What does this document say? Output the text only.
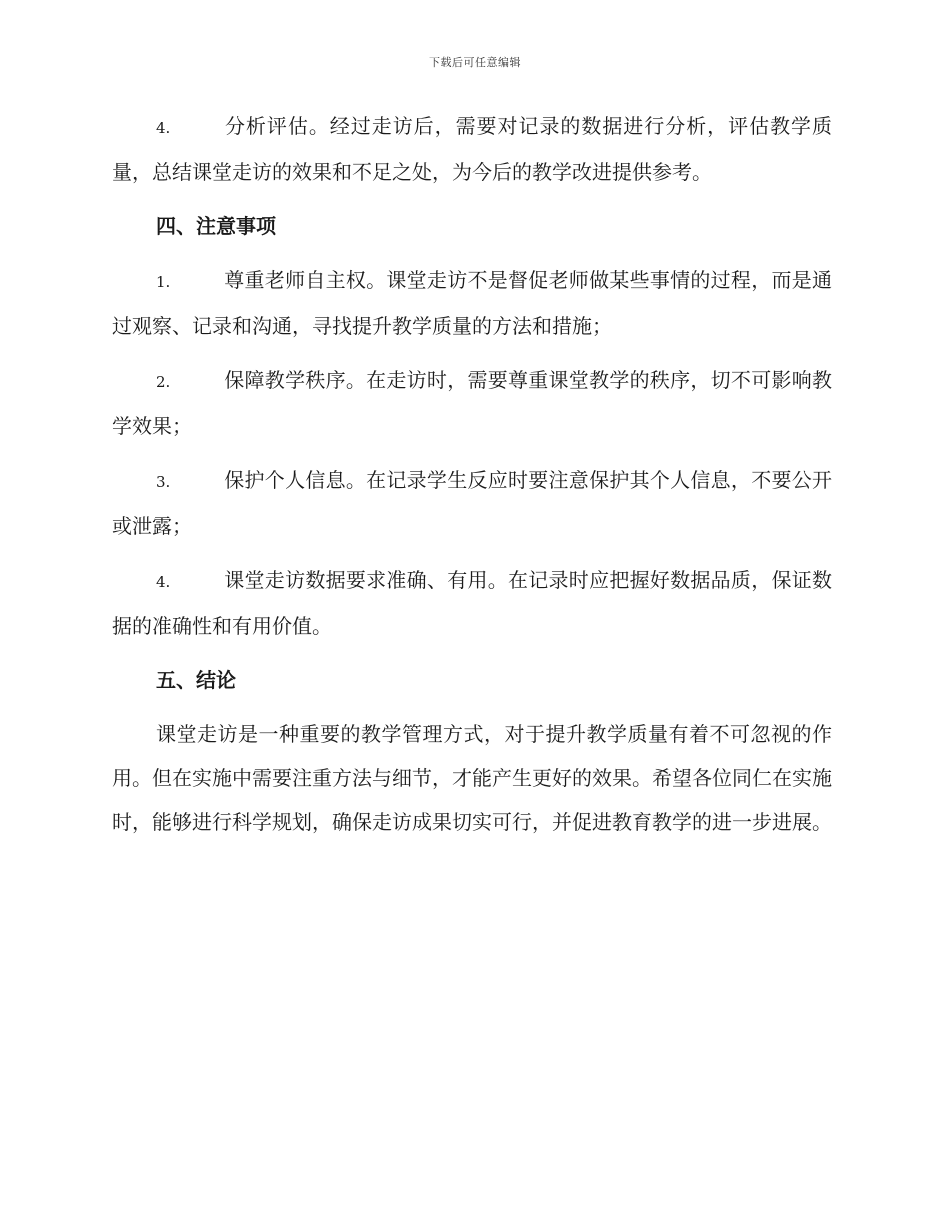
下载后可任意编辑

4.	分析评估。经过走访后，需要对记录的数据进行分析，评估教学质量，总结课堂走访的效果和不足之处，为今后的教学改进提供参考。

四、注意事项

1.	尊重老师自主权。课堂走访不是督促老师做某些事情的过程，而是通过观察、记录和沟通，寻找提升教学质量的方法和措施；

2.	保障教学秩序。在走访时，需要尊重课堂教学的秩序，切不可影响教学效果；

3.	保护个人信息。在记录学生反应时要注意保护其个人信息，不要公开或泄露；

4.	课堂走访数据要求准确、有用。在记录时应把握好数据品质，保证数据的准确性和有用价值。

五、结论

课堂走访是一种重要的教学管理方式，对于提升教学质量有着不可忽视的作用。但在实施中需要注重方法与细节，才能产生更好的效果。希望各位同仁在实施时，能够进行科学规划，确保走访成果切实可行，并促进教育教学的进一步进展。
